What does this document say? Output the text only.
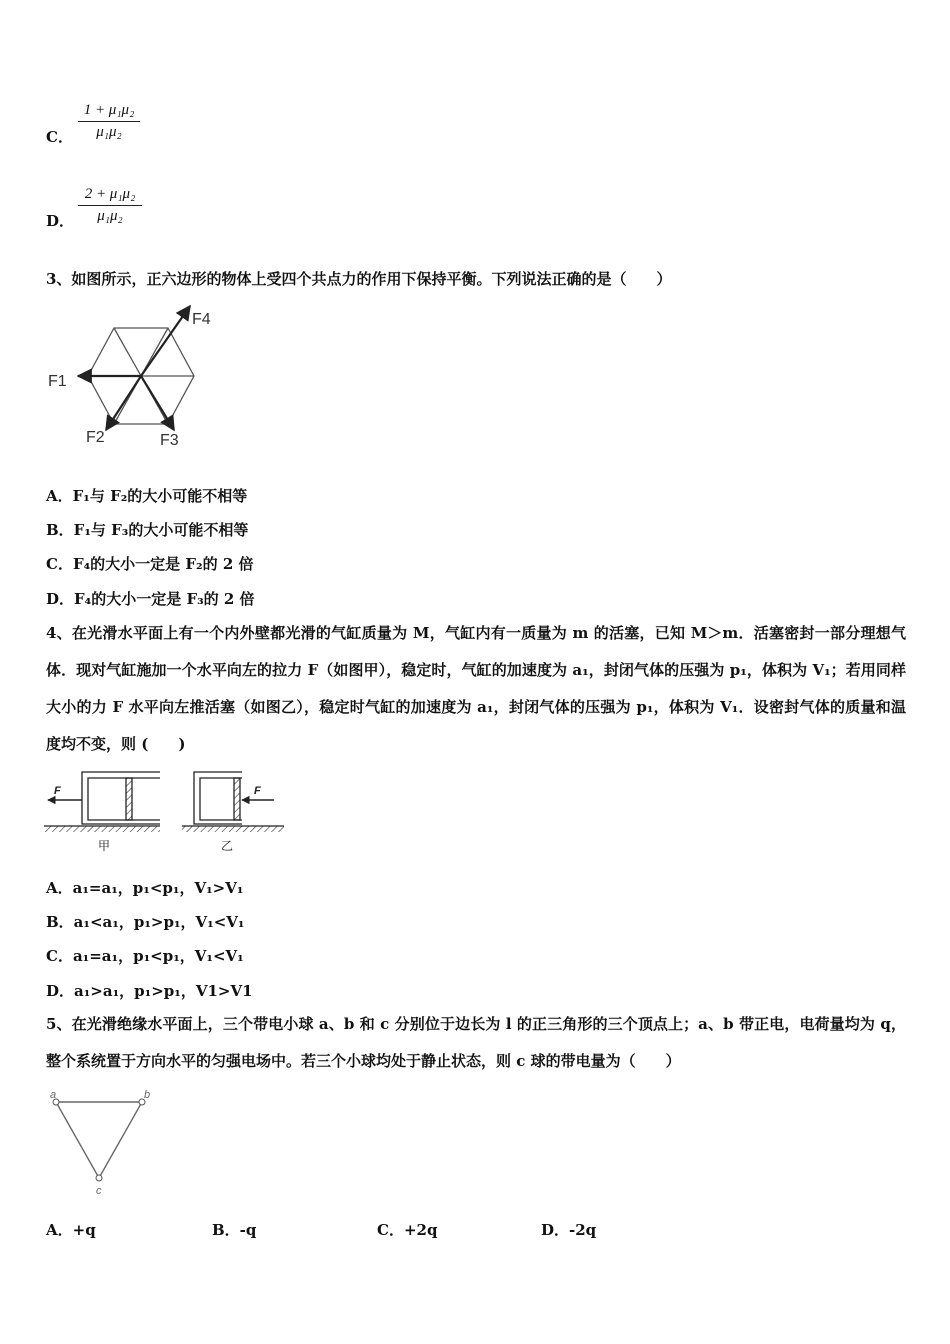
C．
1 + μ₁μ₂
μ₁μ₂
D．
2 + μ₁μ₂
μ₁μ₂
3、如图所示，正六边形的物体上受四个共点力的作用下保持平衡。下列说法正确的是（　　）
F4
F1
F2	F3
A．F₁与 F₂的大小可能不相等
B．F₁与 F₃的大小可能不相等
C．F₄的大小一定是 F₂的 2 倍
D．F₄的大小一定是 F₃的 2 倍
4、在光滑水平面上有一个内外壁都光滑的气缸质量为 M，气缸内有一质量为 m 的活塞，已知 M＞m．活塞密封一部分理想气体．现对气缸施加一个水平向左的拉力 F（如图甲），稳定时，气缸的加速度为 a₁，封闭气体的压强为 p₁，体积为 V₁；若用同样大小的力 F 水平向左推活塞（如图乙），稳定时气缸的加速度为 a₁，封闭气体的压强为 p₁，体积为 V₁．设密封气体的质量和温度均不变，则 (　　)
F
甲
F
乙
A．a₁=a₁，p₁<p₁，V₁>V₁
B．a₁<a₁，p₁>p₁，V₁<V₁
C．a₁=a₁，p₁<p₁，V₁<V₁
D．a₁>a₁，p₁>p₁，V1>V1
5、在光滑绝缘水平面上，三个带电小球 a、b 和 c 分别位于边长为 l 的正三角形的三个顶点上；a、b 带正电，电荷量均为 q，整个系统置于方向水平的匀强电场中。若三个小球均处于静止状态，则 c 球的带电量为（　　）
a	b
c
A．+q	B．-q	C．+2q	D．-2q
